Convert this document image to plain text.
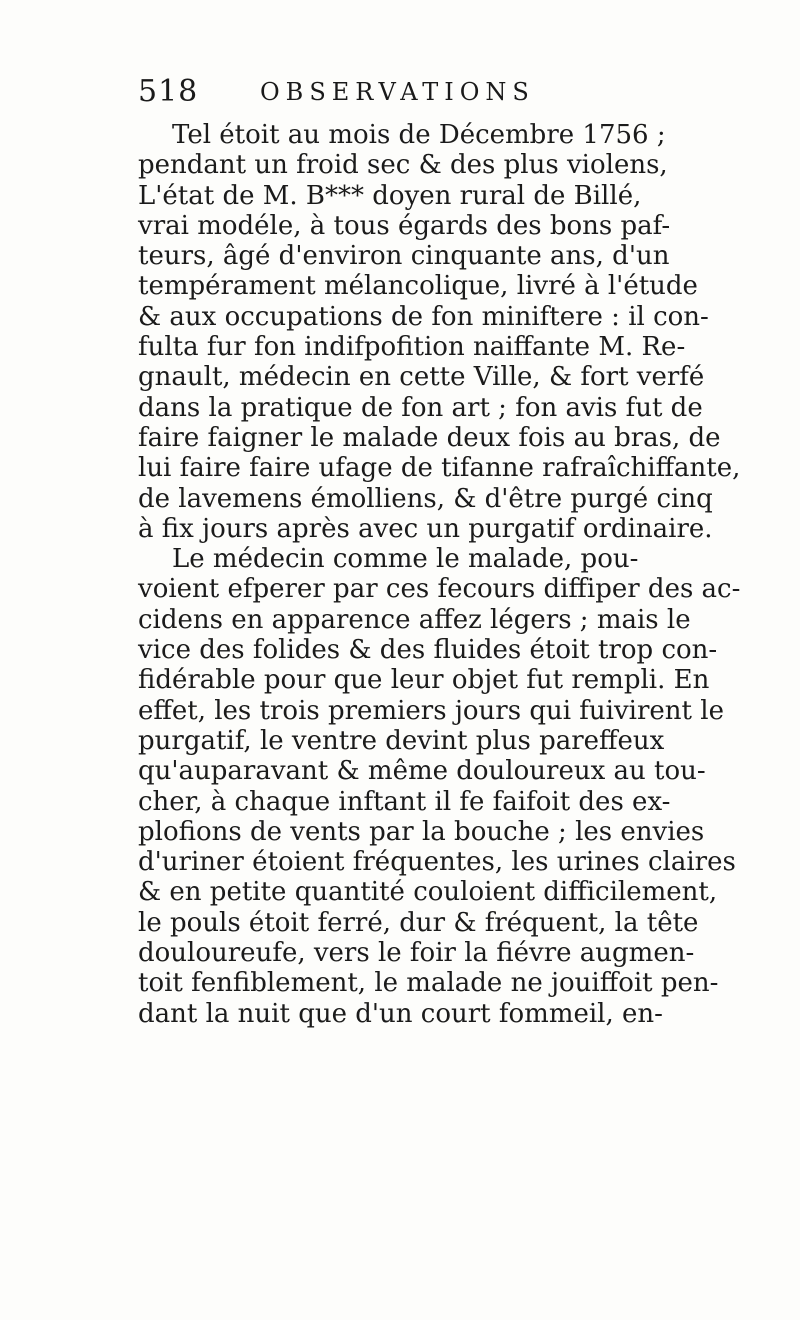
518	OBSERVATIONS
Tel étoit au mois de Décembre 1756 ;
pendant un froid sec & des plus violens,
L'état de M. B*** doyen rural de Billé,
vrai modéle, à tous égards des bons paf-
teurs, âgé d'environ cinquante ans, d'un
tempérament mélancolique, livré à l'étude
& aux occupations de fon miniftere : il con-
fulta fur fon indifpofition naiffante M. Re-
gnault, médecin en cette Ville, & fort verfé
dans la pratique de fon art ; fon avis fut de
faire faigner le malade deux fois au bras, de
lui faire faire ufage de tifanne rafraîchiffante,
de lavemens émolliens, & d'être purgé cinq
à fix jours après avec un purgatif ordinaire.
Le médecin comme le malade, pou-
voient efperer par ces fecours diffiper des ac-
cidens en apparence affez légers ; mais le
vice des folides & des fluides étoit trop con-
fidérable pour que leur objet fut rempli. En
effet, les trois premiers jours qui fuivirent le
purgatif, le ventre devint plus pareffeux
qu'auparavant & même douloureux au tou-
cher, à chaque inftant il fe faifoit des ex-
plofions de vents par la bouche ; les envies
d'uriner étoient fréquentes, les urines claires
& en petite quantité couloient difficilement,
le pouls étoit ferré, dur & fréquent, la tête
douloureufe, vers le foir la fiévre augmen-
toit fenfiblement, le malade ne jouiffoit pen-
dant la nuit que d'un court fommeil, en-
